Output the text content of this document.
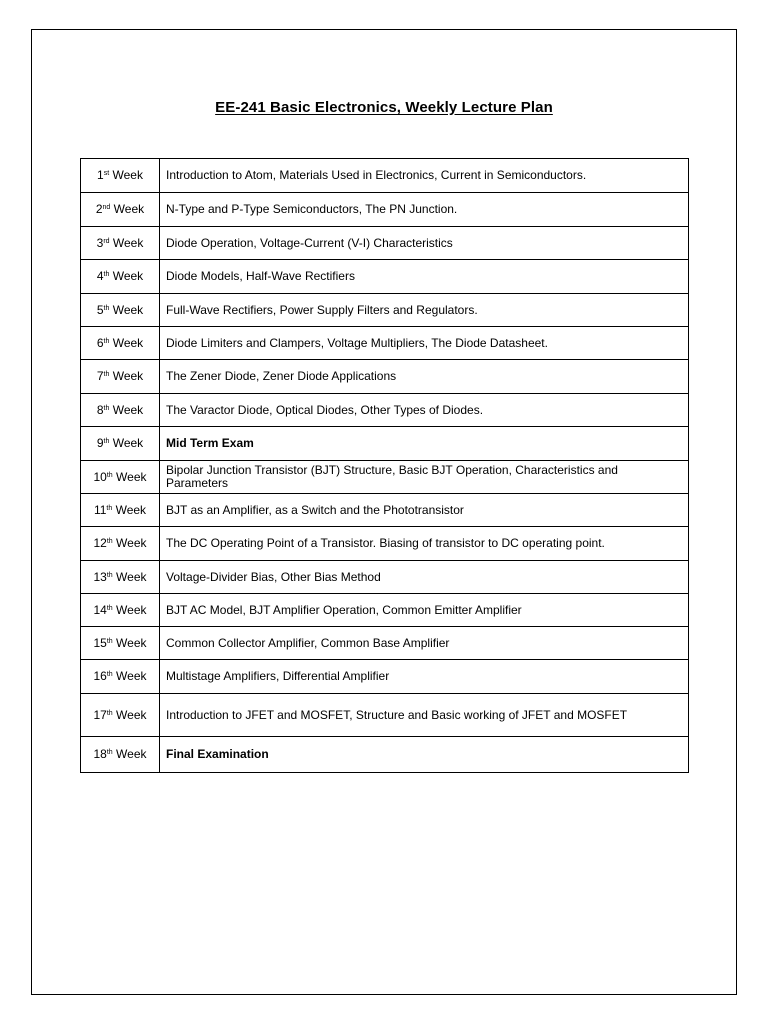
EE-241 Basic Electronics, Weekly Lecture Plan
1st Week	Introduction to Atom, Materials Used in Electronics, Current in Semiconductors.
2nd Week	N-Type and P-Type Semiconductors, The PN Junction.
3rd Week	Diode Operation, Voltage-Current (V-I) Characteristics
4th Week	Diode Models, Half-Wave Rectifiers
5th Week	Full-Wave Rectifiers, Power Supply Filters and Regulators.
6th Week	Diode Limiters and Clampers, Voltage Multipliers, The Diode Datasheet.
7th Week	The Zener Diode, Zener Diode Applications
8th Week	The Varactor Diode, Optical Diodes, Other Types of Diodes.
9th Week	Mid Term Exam
10th Week	Bipolar Junction Transistor (BJT) Structure, Basic BJT Operation, Characteristics and Parameters
11th Week	BJT as an Amplifier, as a Switch and the Phototransistor
12th Week	The DC Operating Point of a Transistor. Biasing of transistor to DC operating point.
13th Week	Voltage-Divider Bias, Other Bias Method
14th Week	BJT AC Model, BJT Amplifier Operation, Common Emitter Amplifier
15th Week	Common Collector Amplifier, Common Base Amplifier
16th Week	Multistage Amplifiers, Differential Amplifier
17th Week	Introduction to JFET and MOSFET, Structure and Basic working of JFET and MOSFET
18th Week	Final Examination
